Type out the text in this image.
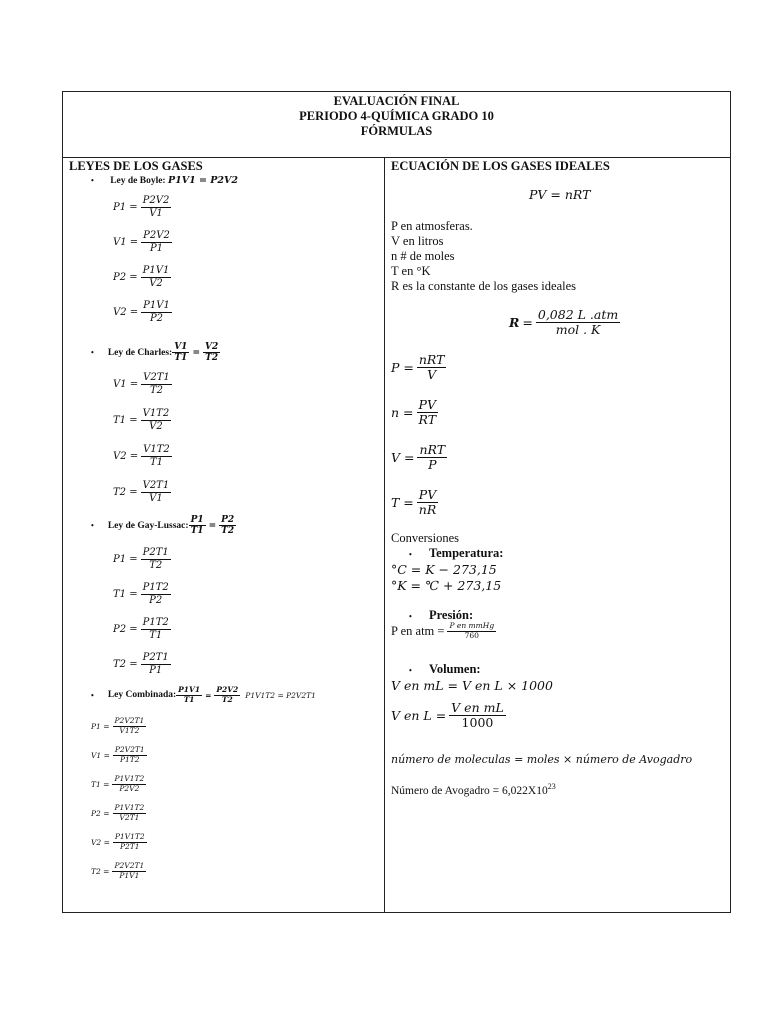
EVALUACIÓN FINAL
PERIODO 4-QUÍMICA GRADO 10
FÓRMULAS
LEYES DE LOS GASES
• Ley de Boyle: P1V1 = P2V2
$P1 = \frac{P2V2}{V1}$
$V1 = \frac{P2V2}{P1}$
$P2 = \frac{P1V1}{V2}$
$V2 = \frac{P1V1}{P2}$
• Ley de Charles: $\frac{V1}{T1} = \frac{V2}{T2}$
$V1 = \frac{V2T1}{T2}$
$T1 = \frac{V1T2}{V2}$
$V2 = \frac{V1T2}{T1}$
$T2 = \frac{V2T1}{V1}$
• Ley de Gay-Lussac: $\frac{P1}{T1} = \frac{P2}{T2}$
$P1 = \frac{P2T1}{T2}$
$T1 = \frac{P1T2}{P2}$
$P2 = \frac{P1T2}{T1}$
$T2 = \frac{P2T1}{P1}$
• Ley Combinada: $\frac{P1V1}{T1} = \frac{P2V2}{T2} P1V1T2 = P2V2T1$
$P1 = \frac{P2V2T1}{V1T2}$
$V1 = \frac{P2V2T1}{P1T2}$
$T1 = \frac{P1V1T2}{P2V2}$
$P2 = \frac{P1V1T2}{V2T1}$
$V2 = \frac{P1V1T2}{P2T1}$
$T2 = \frac{P2V2T1}{P1V1}$
ECUACIÓN DE LOS GASES IDEALES
PV = nRT
P en atmosferas.
V en litros
n # de moles
T en °K
R es la constante de los gases ideales
$R = \frac{\text{0,082 L .atm}}{\text{mol . K}}$
$P = \frac{\text{nRT}}{V}$
$n = \frac{PV}{RT}$
$V = \frac{\text{nRT}}{P}$
$T = \frac{PV}{nR}$
Conversiones
• Temperatura:
°C = K − 273,15
°K = ℃ + 273,15
• Presión:
P en atm = $\frac{\text{P en mmHg}}{760}$
• Volumen:
V en mL = V en L × 1000
V en $L = \frac{\text{V en mL}}{1000}$
número de moleculas = moles × número de Avogadro
Número de Avogadro = $6,022X10^{23}$
